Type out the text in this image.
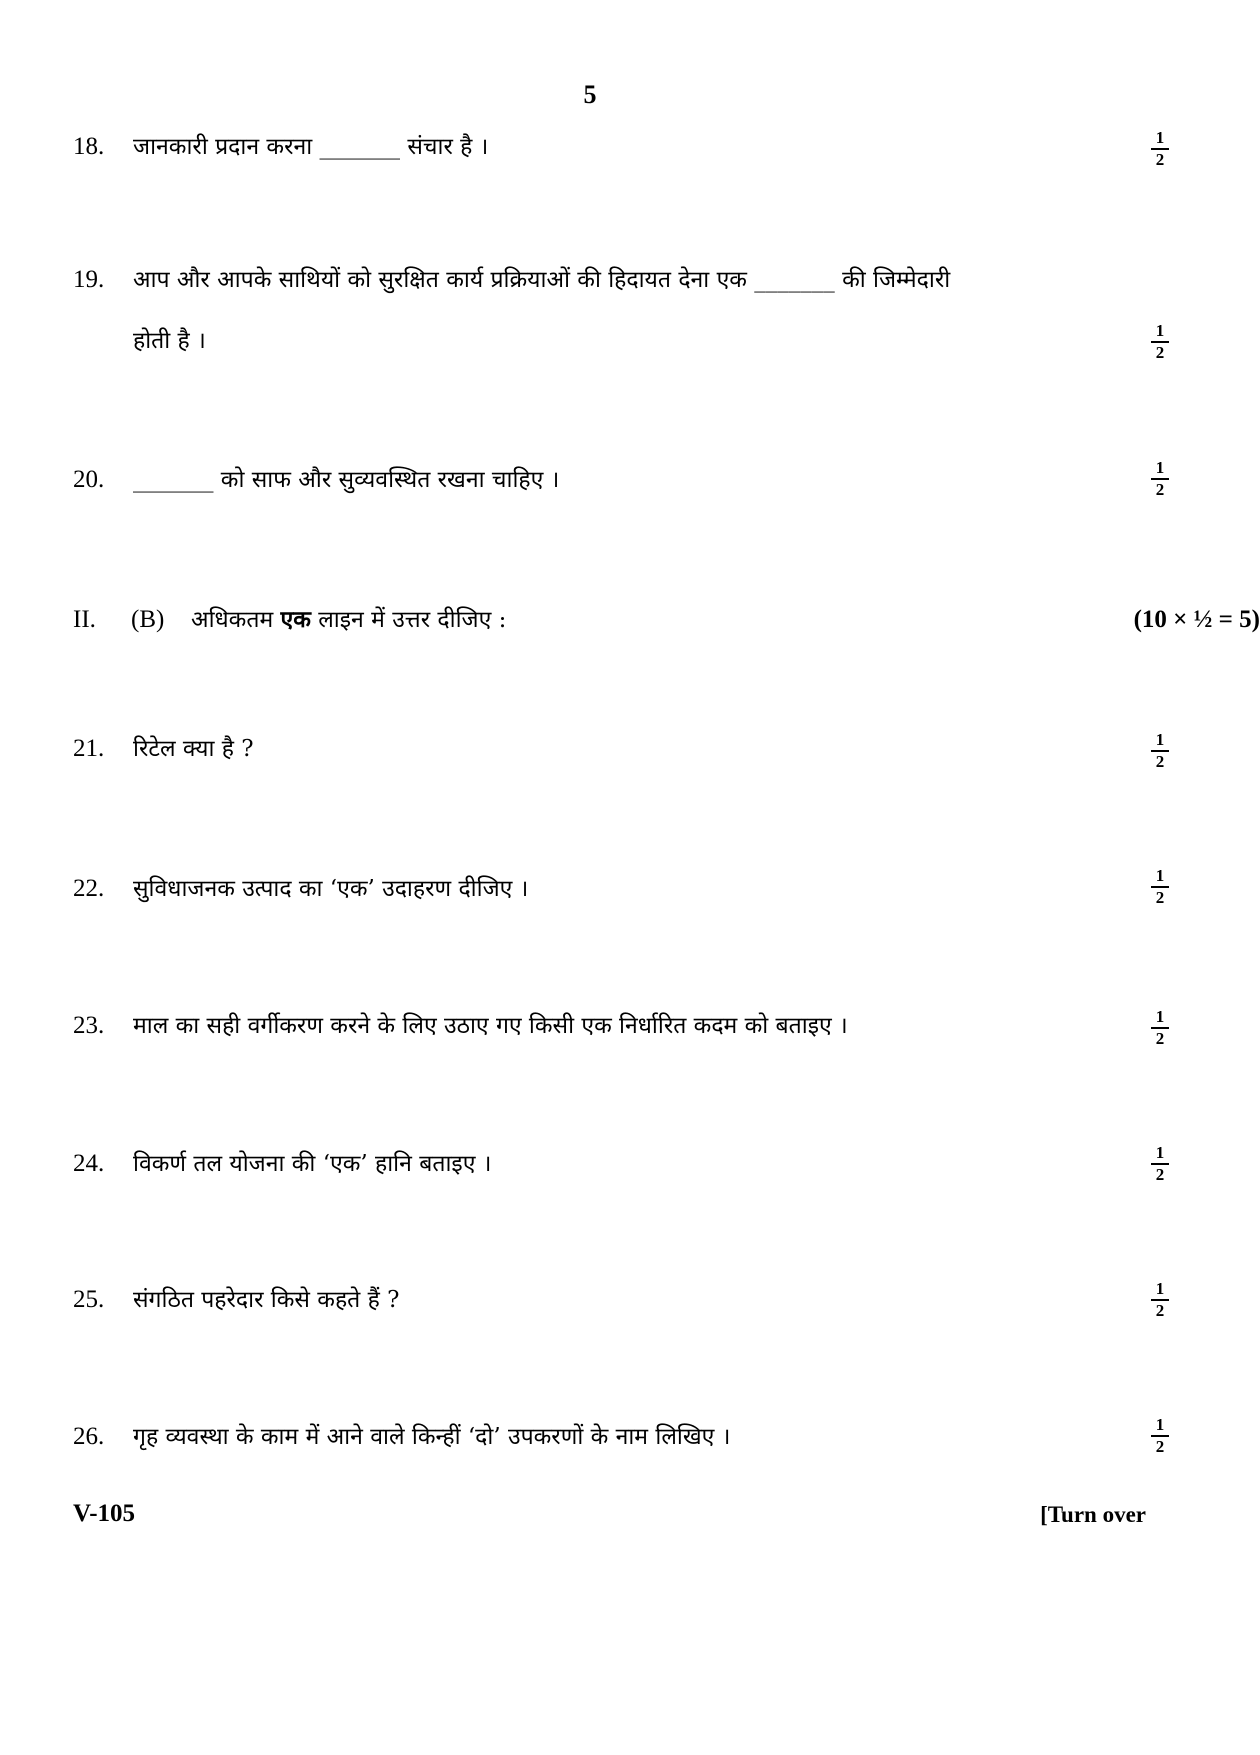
5
18. जानकारी प्रदान करना _______ संचार है ।	$\frac{1}{2}$
19. आप और आपके साथियों को सुरक्षित कार्य प्रक्रियाओं की हिदायत देना एक _______ की जिम्मेदारी
होती है ।	$\frac{1}{2}$
20. _______ को साफ और सुव्यवस्थित रखना चाहिए ।	$\frac{1}{2}$
II. (B) अधिकतम एक लाइन में उत्तर दीजिए :	(10 × ½ = 5)
21. रिटेल क्या है ?	$\frac{1}{2}$
22. सुविधाजनक उत्पाद का ‘एक’ उदाहरण दीजिए ।	$\frac{1}{2}$
23. माल का सही वर्गीकरण करने के लिए उठाए गए किसी एक निर्धारित कदम को बताइए ।	$\frac{1}{2}$
24. विकर्ण तल योजना की ‘एक’ हानि बताइए ।	$\frac{1}{2}$
25. संगठित पहरेदार किसे कहते हैं ?	$\frac{1}{2}$
26. गृह व्यवस्था के काम में आने वाले किन्हीं ‘दो’ उपकरणों के नाम लिखिए ।	$\frac{1}{2}$
V-105	[Turn over
